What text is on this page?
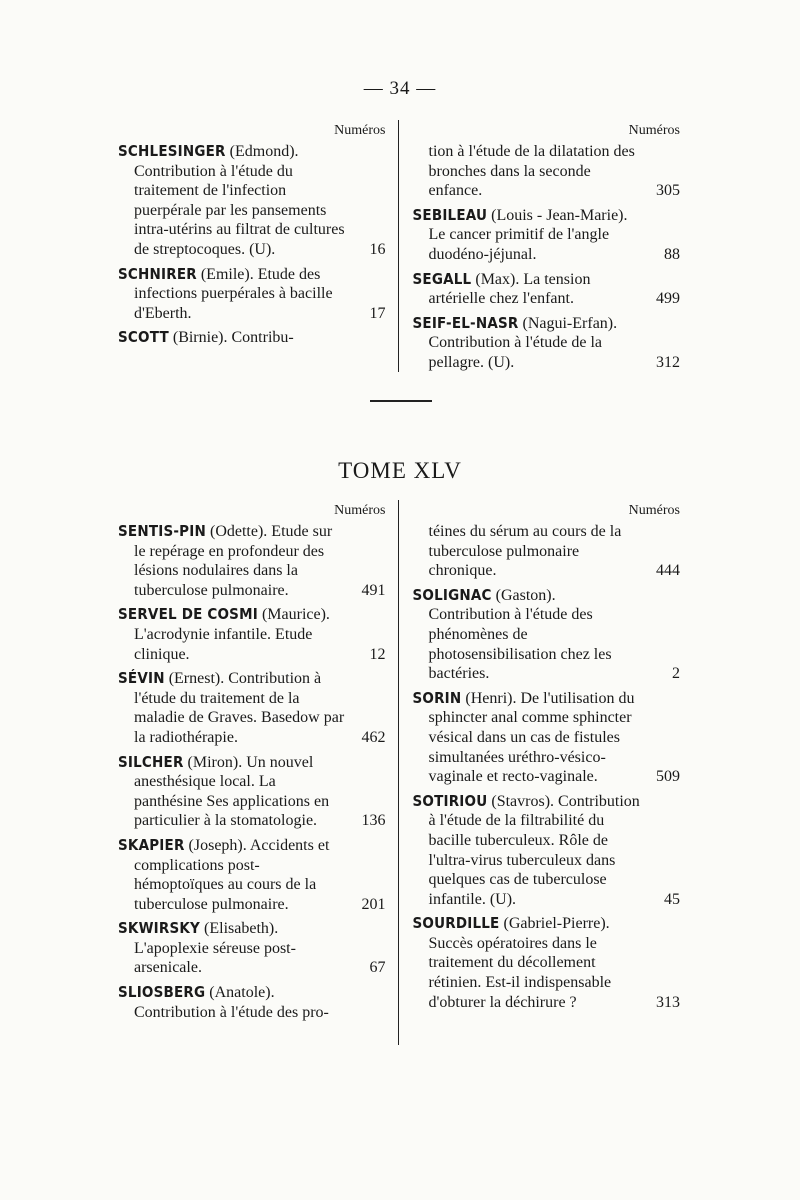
— 34 —
Numéros
SCHLESINGER (Edmond). Contribution à l'étude du traitement de l'infection puerpérale par les pansements intra-utérins au filtrat de cultures de streptocoques. (U).	16
SCHNIRER (Emile). Etude des infections puerpérales à bacille d'Eberth.	17
SCOTT (Birnie). Contribu-
Numéros
tion à l'étude de la dilatation des bronches dans la seconde enfance.	305
SEBILEAU (Louis - Jean-Marie). Le cancer primitif de l'angle duodéno-jéjunal.	88
SEGALL (Max). La tension artérielle chez l'enfant.	499
SEIF-EL-NASR (Nagui-Erfan). Contribution à l'étude de la pellagre. (U).	312
TOME XLV
Numéros
SENTIS-PIN (Odette). Etude sur le repérage en profondeur des lésions nodulaires dans la tuberculose pulmonaire.	491
SERVEL DE COSMI (Maurice). L'acrodynie infantile. Etude clinique.	12
SÉVIN (Ernest). Contribution à l'étude du traitement de la maladie de Graves. Basedow par la radiothérapie.	462
SILCHER (Miron). Un nouvel anesthésique local. La panthésine Ses applications en particulier à la stomatologie.	136
SKAPIER (Joseph). Accidents et complications post-hémoptoïques au cours de la tuberculose pulmonaire.	201
SKWIRSKY (Elisabeth). L'apoplexie séreuse post-arsenicale.	67
SLIOSBERG (Anatole). Contribution à l'étude des pro-
Numéros
téines du sérum au cours de la tuberculose pulmonaire chronique.	444
SOLIGNAC (Gaston). Contribution à l'étude des phénomènes de photosensibilisation chez les bactéries.	2
SORIN (Henri). De l'utilisation du sphincter anal comme sphincter vésical dans un cas de fistules simultanées uréthro-vésico-vaginale et recto-vaginale.	509
SOTIRIOU (Stavros). Contribution à l'étude de la filtrabilité du bacille tuberculeux. Rôle de l'ultra-virus tuberculeux dans quelques cas de tuberculose infantile. (U).	45
SOURDILLE (Gabriel-Pierre). Succès opératoires dans le traitement du décollement rétinien. Est-il indispensable d'obturer la déchirure ?	313
